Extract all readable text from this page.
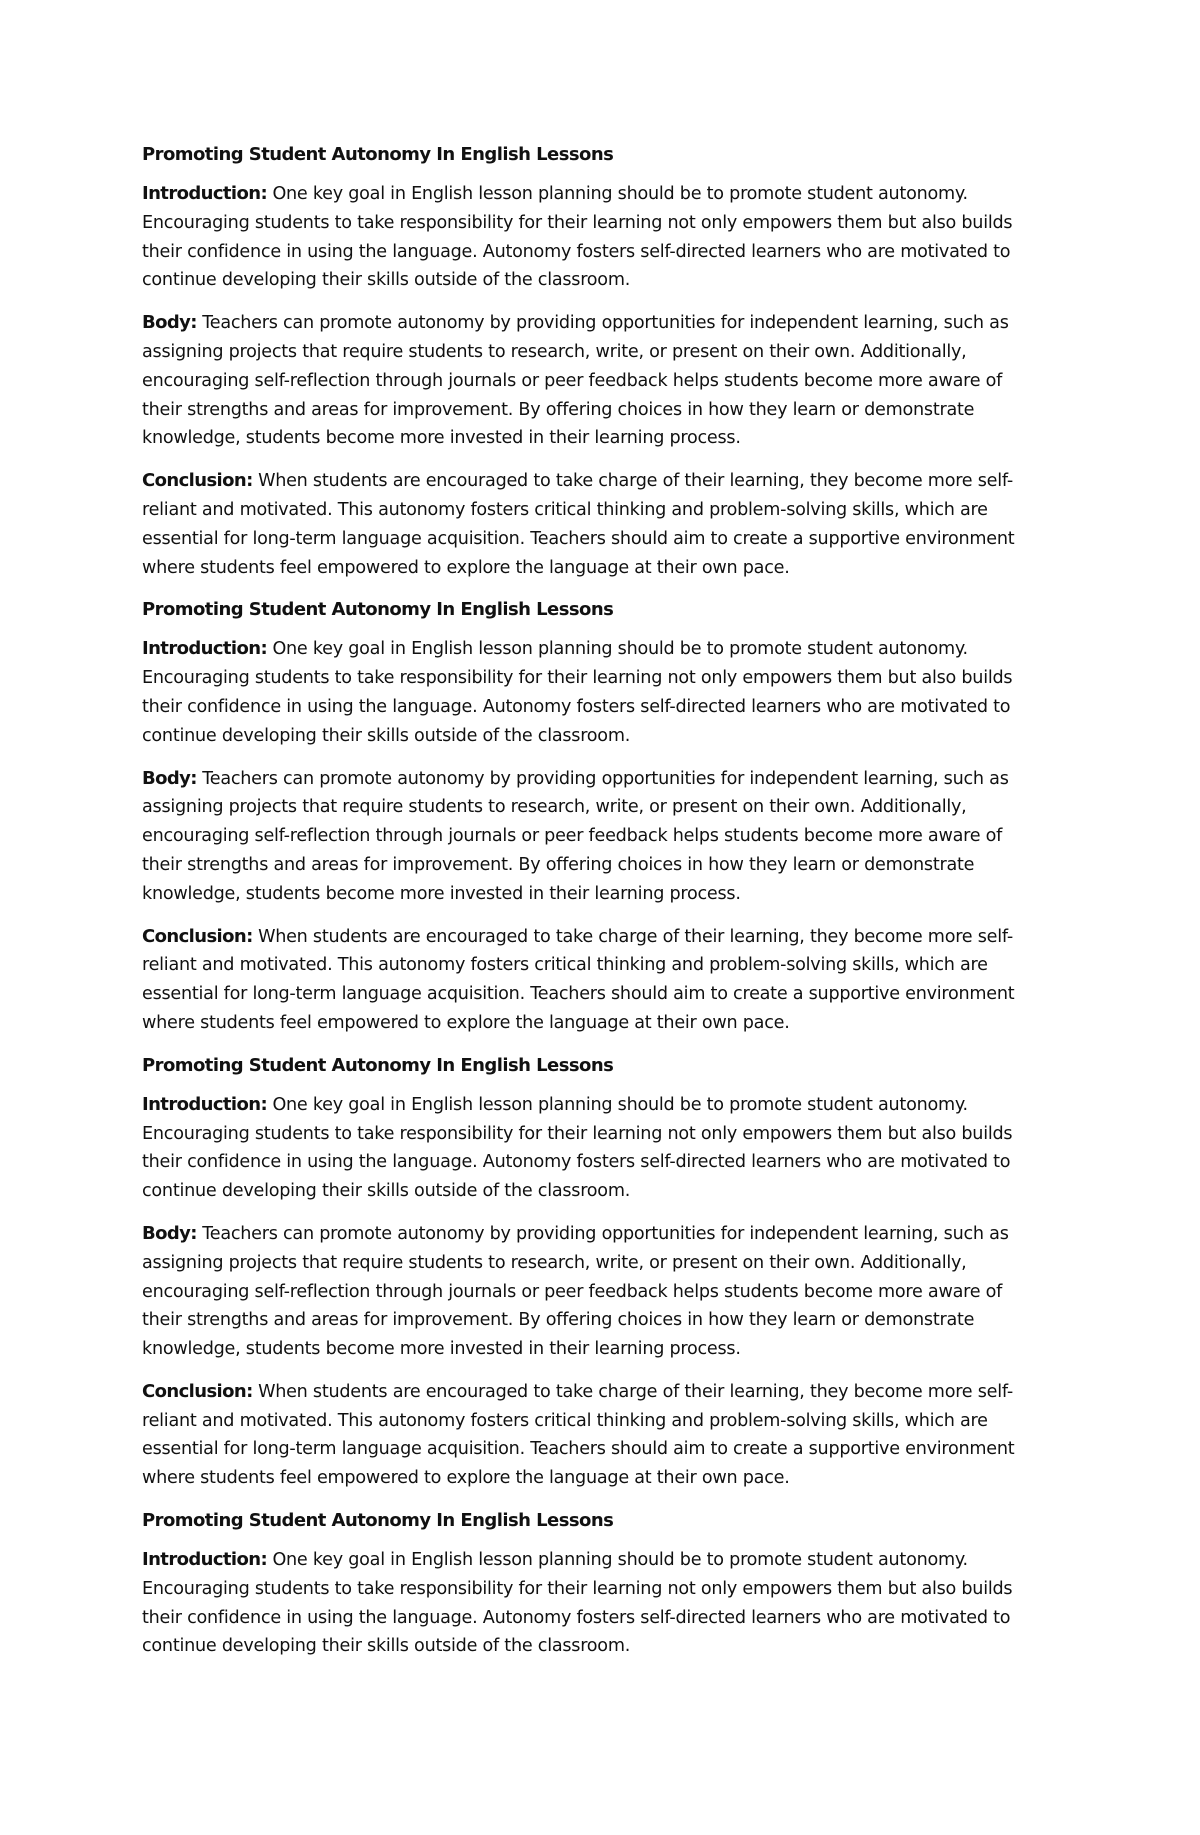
Promoting Student Autonomy In English Lessons
Introduction: One key goal in English lesson planning should be to promote student autonomy.
Encouraging students to take responsibility for their learning not only empowers them but also builds
their confidence in using the language. Autonomy fosters self-directed learners who are motivated to
continue developing their skills outside of the classroom.
Body: Teachers can promote autonomy by providing opportunities for independent learning, such as
assigning projects that require students to research, write, or present on their own. Additionally,
encouraging self-reflection through journals or peer feedback helps students become more aware of
their strengths and areas for improvement. By offering choices in how they learn or demonstrate
knowledge, students become more invested in their learning process.
Conclusion: When students are encouraged to take charge of their learning, they become more self-
reliant and motivated. This autonomy fosters critical thinking and problem-solving skills, which are
essential for long-term language acquisition. Teachers should aim to create a supportive environment
where students feel empowered to explore the language at their own pace.
Promoting Student Autonomy In English Lessons
Introduction: One key goal in English lesson planning should be to promote student autonomy.
Encouraging students to take responsibility for their learning not only empowers them but also builds
their confidence in using the language. Autonomy fosters self-directed learners who are motivated to
continue developing their skills outside of the classroom.
Body: Teachers can promote autonomy by providing opportunities for independent learning, such as
assigning projects that require students to research, write, or present on their own. Additionally,
encouraging self-reflection through journals or peer feedback helps students become more aware of
their strengths and areas for improvement. By offering choices in how they learn or demonstrate
knowledge, students become more invested in their learning process.
Conclusion: When students are encouraged to take charge of their learning, they become more self-
reliant and motivated. This autonomy fosters critical thinking and problem-solving skills, which are
essential for long-term language acquisition. Teachers should aim to create a supportive environment
where students feel empowered to explore the language at their own pace.
Promoting Student Autonomy In English Lessons
Introduction: One key goal in English lesson planning should be to promote student autonomy.
Encouraging students to take responsibility for their learning not only empowers them but also builds
their confidence in using the language. Autonomy fosters self-directed learners who are motivated to
continue developing their skills outside of the classroom.
Body: Teachers can promote autonomy by providing opportunities for independent learning, such as
assigning projects that require students to research, write, or present on their own. Additionally,
encouraging self-reflection through journals or peer feedback helps students become more aware of
their strengths and areas for improvement. By offering choices in how they learn or demonstrate
knowledge, students become more invested in their learning process.
Conclusion: When students are encouraged to take charge of their learning, they become more self-
reliant and motivated. This autonomy fosters critical thinking and problem-solving skills, which are
essential for long-term language acquisition. Teachers should aim to create a supportive environment
where students feel empowered to explore the language at their own pace.
Promoting Student Autonomy In English Lessons
Introduction: One key goal in English lesson planning should be to promote student autonomy.
Encouraging students to take responsibility for their learning not only empowers them but also builds
their confidence in using the language. Autonomy fosters self-directed learners who are motivated to
continue developing their skills outside of the classroom.
